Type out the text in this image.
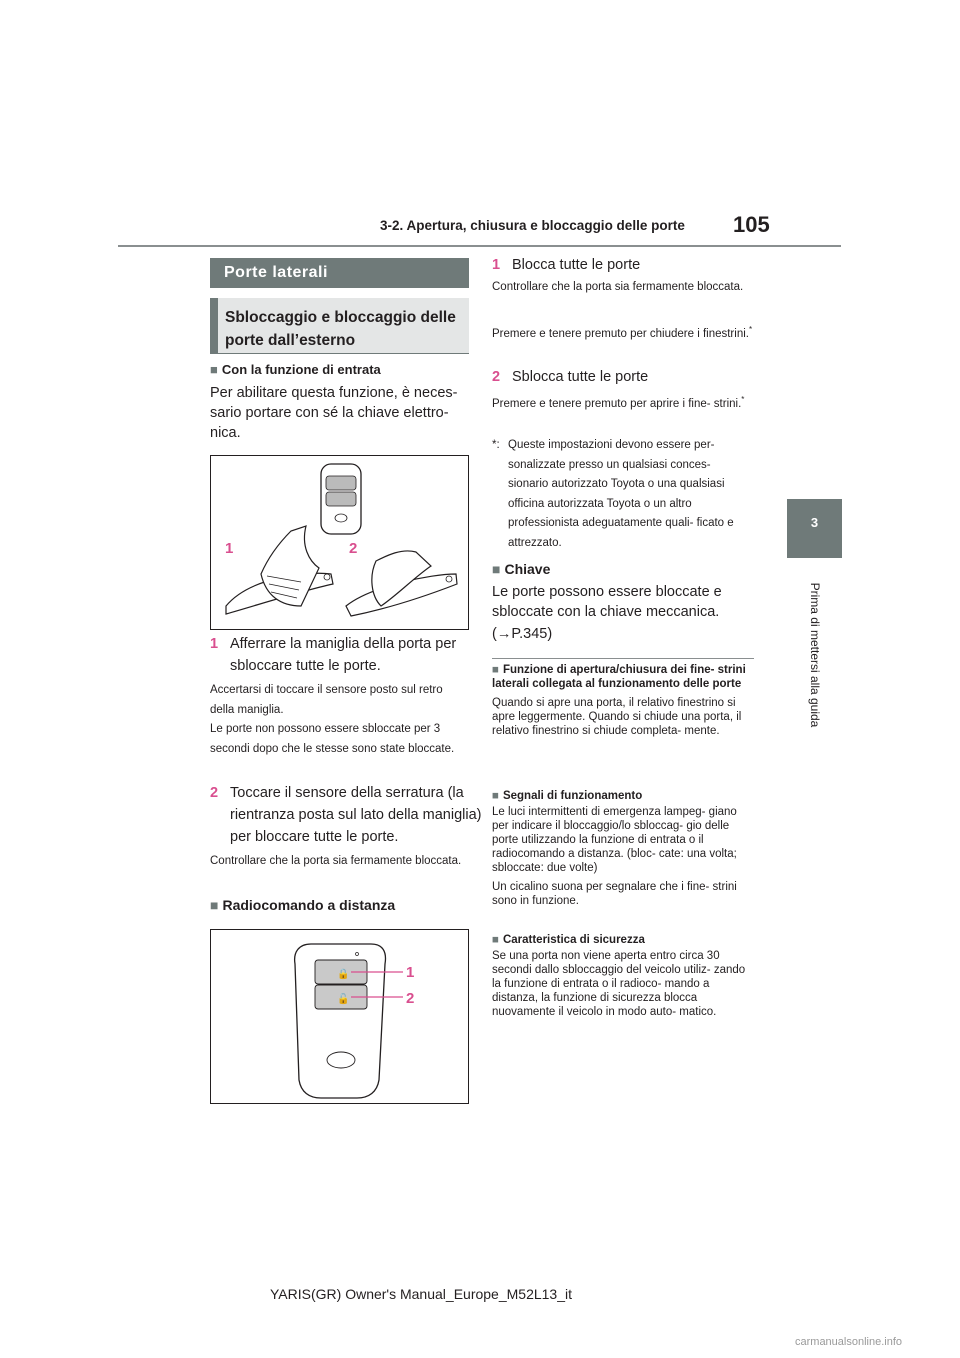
3-2. Apertura, chiusura e bloccaggio delle porte 105
3
Prima di mettersi alla guida
Porte laterali
Sbloccaggio e bloccaggio delle porte dall’esterno
■ Con la funzione di entrata
Per abilitare questa funzione, è neces- sario portare con sé la chiave elettro- nica.
1	2
1 Afferrare la maniglia della porta per sbloccare tutte le porte.
Accertarsi di toccare il sensore posto sul retro della maniglia.
Le porte non possono essere sbloccate per 3 secondi dopo che le stesse sono state bloccate.
2 Toccare il sensore della serratura (la rientranza posta sul lato della maniglia) per bloccare tutte le porte.
Controllare che la porta sia fermamente bloccata.
■ Radiocomando a distanza
🔒
🔓
1
2
1 Blocca tutte le porte
Controllare che la porta sia fermamente bloccata.
Premere e tenere premuto per chiudere i finestrini.*
2 Sblocca tutte le porte
Premere e tenere premuto per aprire i fine- strini.*
*: Queste impostazioni devono essere per- sonalizzate presso un qualsiasi conces- sionario autorizzato Toyota o una qualsiasi officina autorizzata Toyota o un altro professionista adeguatamente quali- ficato e attrezzato.
■ Chiave
Le porte possono essere bloccate e sbloccate con la chiave meccanica.
(→P.345)
■ Funzione di apertura/chiusura dei fine- strini laterali collegata al funzionamento delle porte
Quando si apre una porta, il relativo finestrino si apre leggermente. Quando si chiude una porta, il relativo finestrino si chiude completa- mente.
■ Segnali di funzionamento
Le luci intermittenti di emergenza lampeg- giano per indicare il bloccaggio/lo sbloccag- gio delle porte utilizzando la funzione di entrata o il radiocomando a distanza. (bloc- cate: una volta; sbloccate: due volte)
Un cicalino suona per segnalare che i fine- strini sono in funzione.
■ Caratteristica di sicurezza
Se una porta non viene aperta entro circa 30 secondi dallo sbloccaggio del veicolo utiliz- zando la funzione di entrata o il radioco- mando a distanza, la funzione di sicurezza blocca nuovamente il veicolo in modo auto- matico.
YARIS(GR) Owner's Manual_Europe_M52L13_it
carmanualsonline.info
